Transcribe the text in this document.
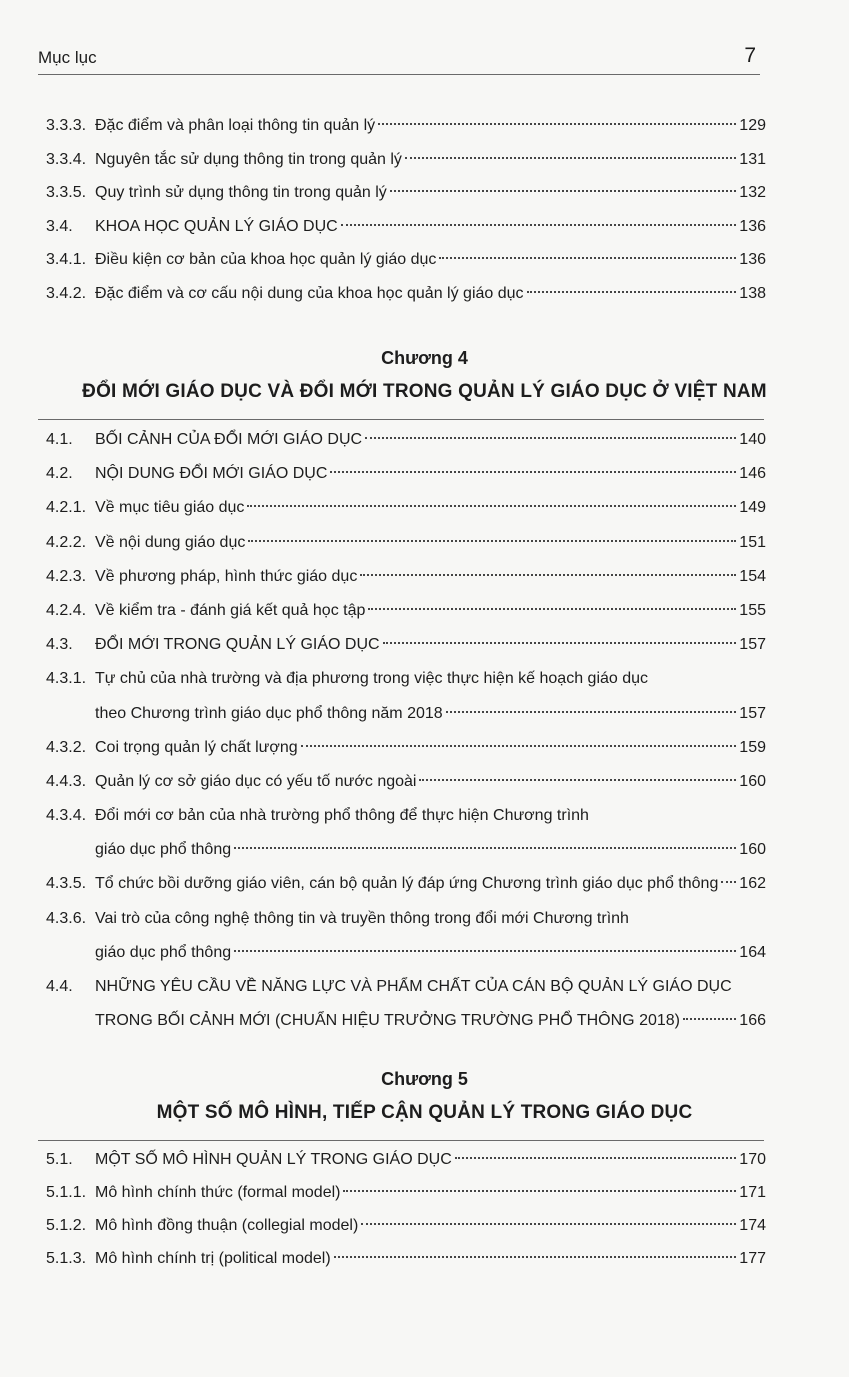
Mục lục	7
3.3.3. Đặc điểm và phân loại thông tin quản lý	129
3.3.4. Nguyên tắc sử dụng thông tin trong quản lý	131
3.3.5. Quy trình sử dụng thông tin trong quản lý	132
3.4.	KHOA HỌC QUẢN LÝ GIÁO DỤC	136
3.4.1. Điều kiện cơ bản của khoa học quản lý giáo dục	136
3.4.2. Đặc điểm và cơ cấu nội dung của khoa học quản lý giáo dục	138
Chương 4
ĐỔI MỚI GIÁO DỤC VÀ ĐỔI MỚI TRONG QUẢN LÝ GIÁO DỤC Ở VIỆT NAM
4.1.	BỐI CẢNH CỦA ĐỔI MỚI GIÁO DỤC	140
4.2.	NỘI DUNG ĐỔI MỚI GIÁO DỤC	146
4.2.1. Về mục tiêu giáo dục	149
4.2.2. Về nội dung giáo dục	151
4.2.3. Về phương pháp, hình thức giáo dục	154
4.2.4. Về kiểm tra - đánh giá kết quả học tập	155
4.3.	ĐỔI MỚI TRONG QUẢN LÝ GIÁO DỤC	157
4.3.1. Tự chủ của nhà trường và địa phương trong việc thực hiện kế hoạch giáo dục
theo Chương trình giáo dục phổ thông năm 2018	157
4.3.2. Coi trọng quản lý chất lượng	159
4.4.3. Quản lý cơ sở giáo dục có yếu tố nước ngoài	160
4.3.4. Đổi mới cơ bản của nhà trường phổ thông để thực hiện Chương trình
giáo dục phổ thông	160
4.3.5. Tổ chức bồi dưỡng giáo viên, cán bộ quản lý đáp ứng Chương trình giáo dục phổ thông 162
4.3.6. Vai trò của công nghệ thông tin và truyền thông trong đổi mới Chương trình
giáo dục phổ thông	164
4.4.	NHỮNG YÊU CẦU VỀ NĂNG LỰC VÀ PHẨM CHẤT CỦA CÁN BỘ QUẢN LÝ GIÁO DỤC
TRONG BỐI CẢNH MỚI (CHUẨN HIỆU TRƯỞNG TRƯỜNG PHỔ THÔNG 2018)	166
Chương 5
MỘT SỐ MÔ HÌNH, TIẾP CẬN QUẢN LÝ TRONG GIÁO DỤC
5.1.	MỘT SỐ MÔ HÌNH QUẢN LÝ TRONG GIÁO DỤC	170
5.1.1. Mô hình chính thức (formal model)	171
5.1.2. Mô hình đồng thuận (collegial model)	174
5.1.3. Mô hình chính trị (political model)	177
